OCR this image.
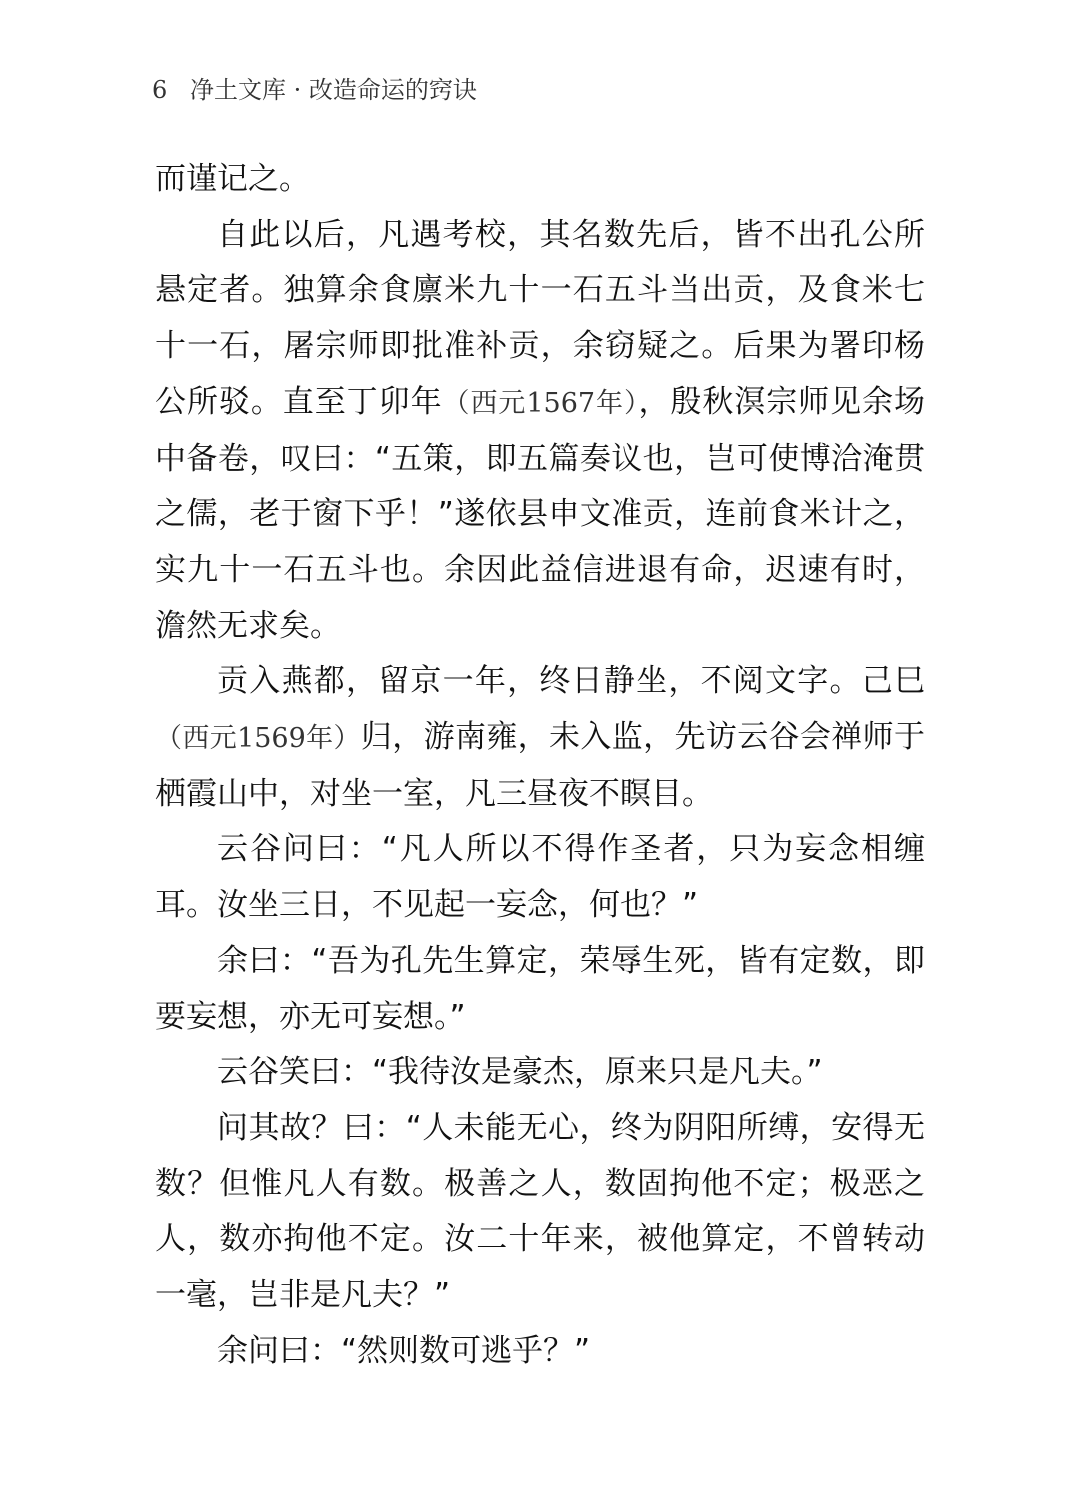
6 净土文库 · 改造命运的窍诀

而谨记之。

自此以后，凡遇考校，其名数先后，皆不出孔公所悬定者。独算余食廪米九十一石五斗当出贡，及食米七十一石，屠宗师即批准补贡，余窃疑之。后果为署印杨公所驳。直至丁卯年（西元1567年），殷秋溟宗师见余场中备卷，叹曰：“五策，即五篇奏议也，岂可使博洽淹贯之儒，老于窗下乎！”遂依县申文准贡，连前食米计之，实九十一石五斗也。余因此益信进退有命，迟速有时，澹然无求矣。

贡入燕都，留京一年，终日静坐，不阅文字。己巳（西元1569年）归，游南雍，未入监，先访云谷会禅师于栖霞山中，对坐一室，凡三昼夜不瞑目。

云谷问曰：“凡人所以不得作圣者，只为妄念相缠耳。汝坐三日，不见起一妄念，何也？”

余曰：“吾为孔先生算定，荣辱生死，皆有定数，即要妄想，亦无可妄想。”

云谷笑曰：“我待汝是豪杰，原来只是凡夫。”

问其故？曰：“人未能无心，终为阴阳所缚，安得无数？但惟凡人有数。极善之人，数固拘他不定；极恶之人，数亦拘他不定。汝二十年来，被他算定，不曾转动一毫，岂非是凡夫？”

余问曰：“然则数可逃乎？”
